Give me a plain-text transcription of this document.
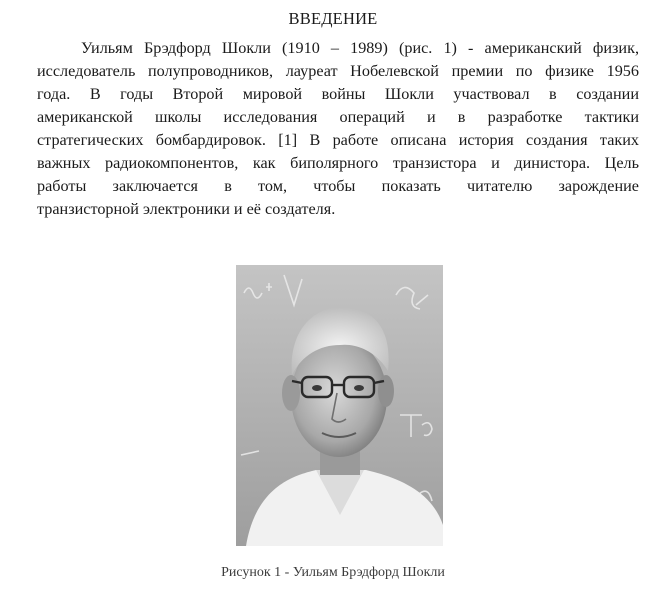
ВВЕДЕНИЕ
Уильям Брэдфорд Шокли (1910 – 1989) (рис. 1) - американский физик,
исследователь полупроводников, лауреат Нобелевской премии по физике 1956
года. В годы Второй мировой войны Шокли участвовал в создании
американской школы исследования операций и в разработке тактики
стратегических бомбардировок. [1] В работе описана история создания таких
важных радиокомпонентов, как биполярного транзистора и динистора. Цель
работы заключается в том, чтобы показать читателю зарождение
транзисторной электроники и её создателя.
Рисунок 1 - Уильям Брэдфорд Шокли
